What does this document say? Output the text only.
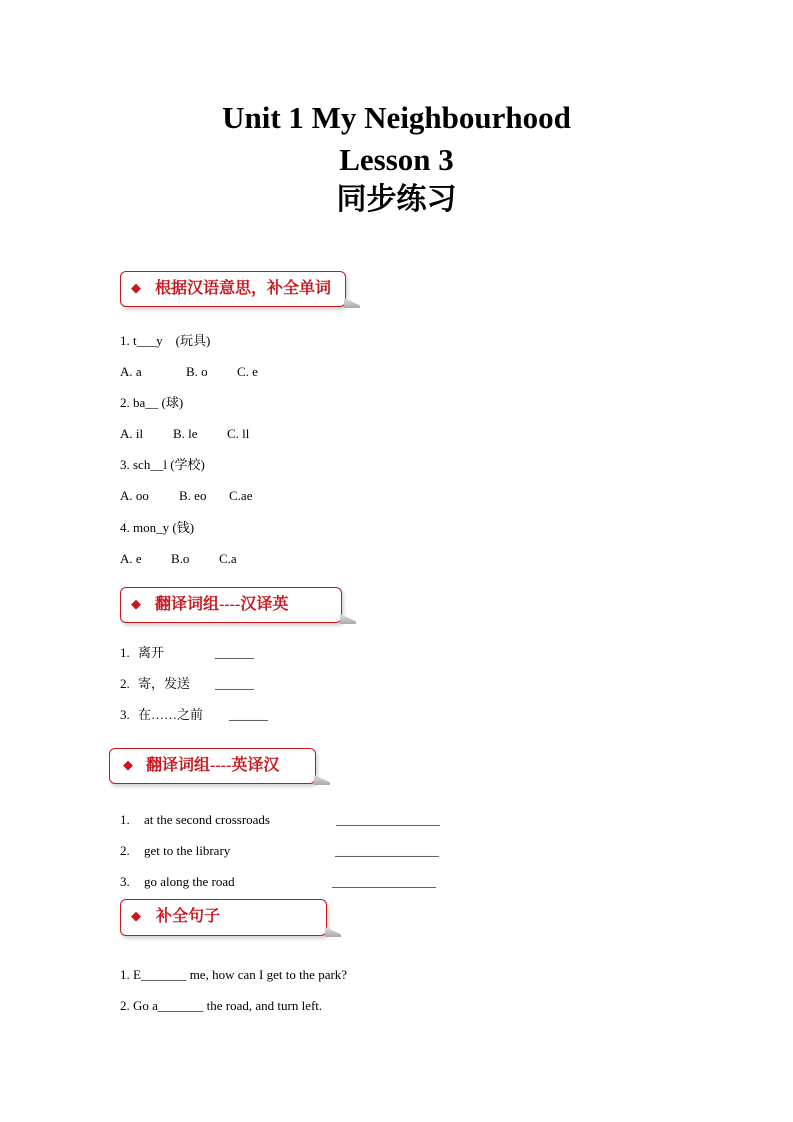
Unit 1 My Neighbourhood
Lesson 3
同步练习
◆ 根据汉语意思，补全单词
1. t___y    (玩具)
A. a	B. o C. e
2. ba__ (球)
A. il B. le C. ll
3. sch__l (学校)
A. oo B. eo C.ae
4. mon_y (钱)
A. e B.o C.a
◆ 翻译词组----汉译英
1. 离开	______
2. 寄，发送 ______
3. 在……之前 ______
◆ 翻译词组----英译汉
1. at the second crossroads	________________
2. get to the library	________________
3. go along the road	________________
◆ 补全句子
1. E_______ me, how can I get to the park?
2. Go a_______ the road, and turn left.
